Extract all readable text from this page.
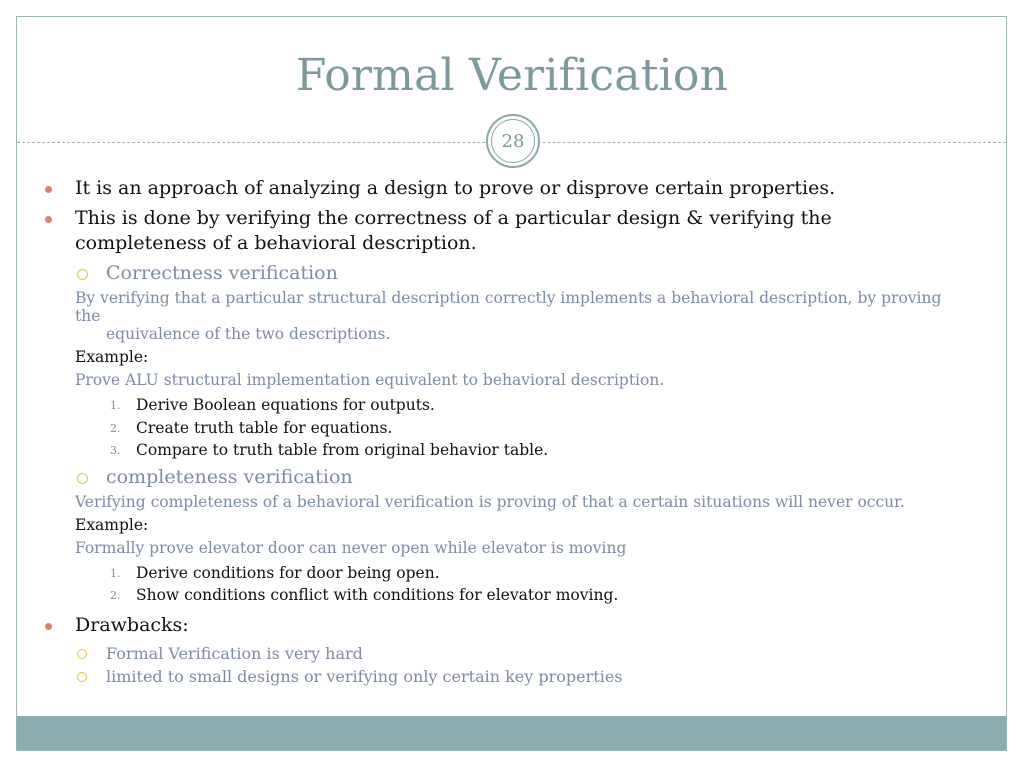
Formal Verification
28
It is an approach of analyzing a design to prove or disprove certain properties.
This is done by verifying the correctness of a particular design & verifying the
completeness of a behavioral description.
Correctness verification
By verifying that a particular structural description correctly implements a behavioral description, by proving the
equivalence of the two descriptions.
Example:
Prove ALU structural implementation equivalent to behavioral description.
1. Derive Boolean equations for outputs.
2. Create truth table for equations.
3. Compare to truth table from original behavior table.
completeness verification
Verifying completeness of a behavioral verification is proving of that a certain situations will never occur.
Example:
Formally prove elevator door can never open while elevator is moving
1. Derive conditions for door being open.
2. Show conditions conflict with conditions for elevator moving.
Drawbacks:
Formal Verification is very hard
limited to small designs or verifying only certain key properties
